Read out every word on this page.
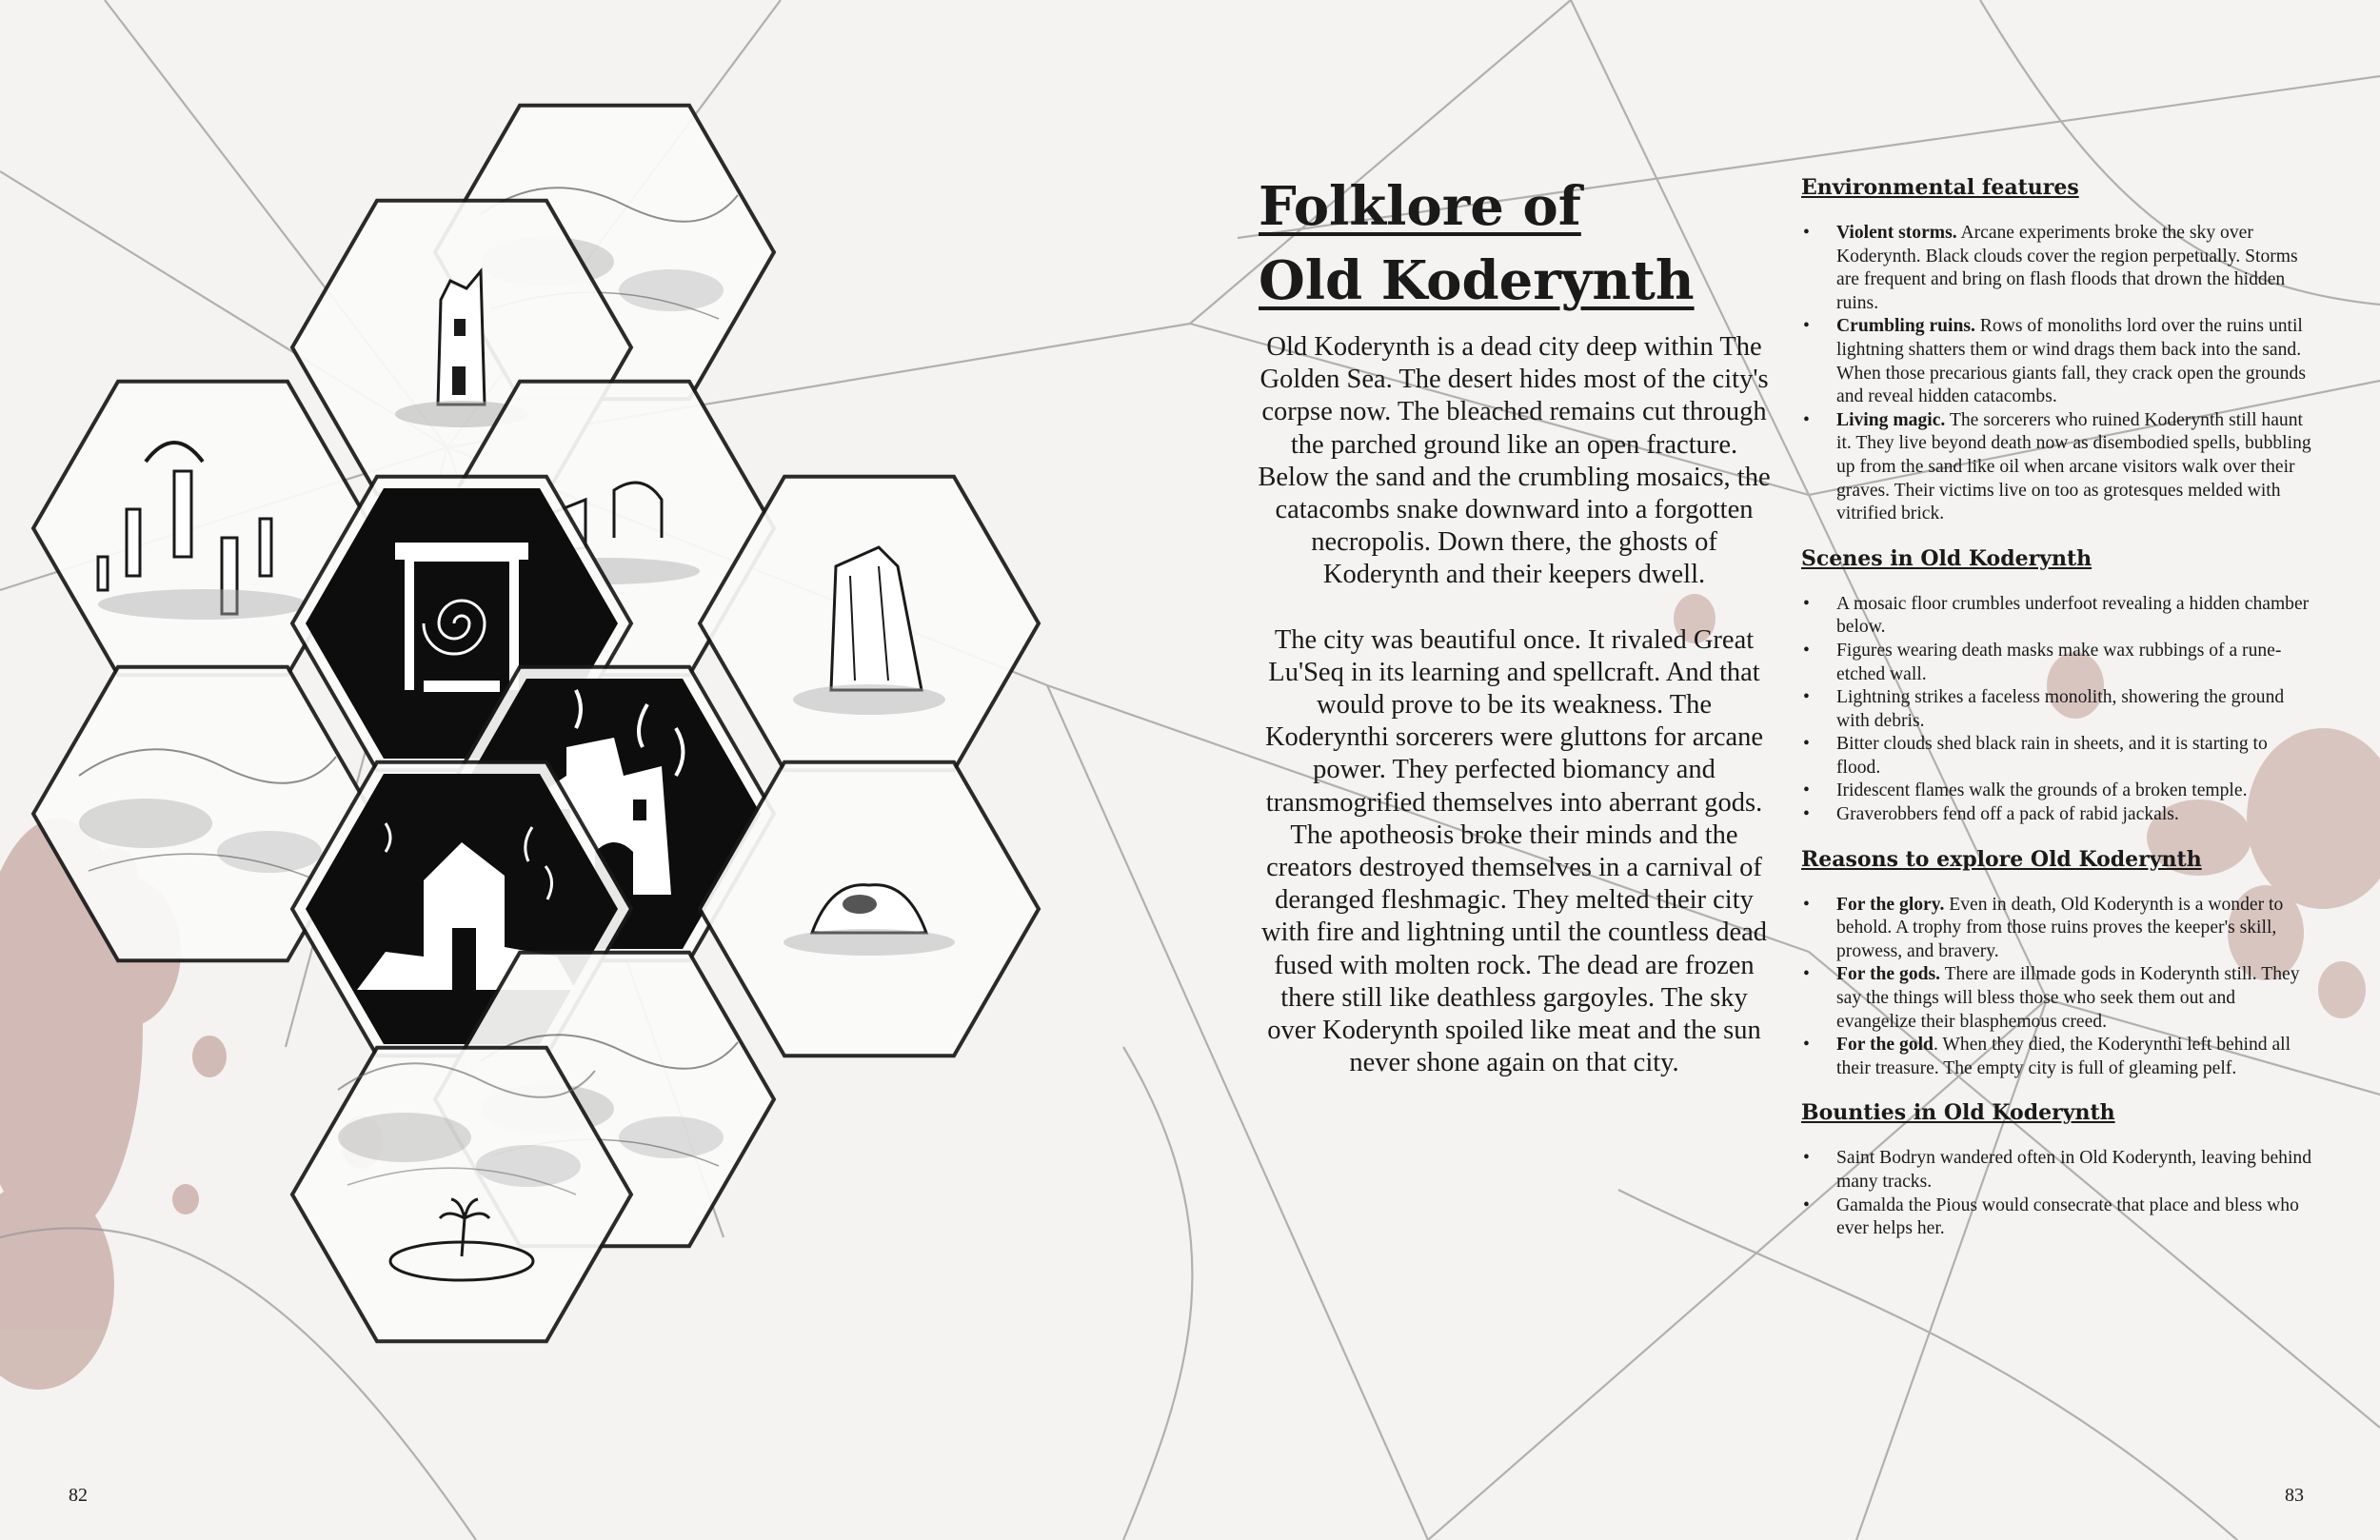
Folklore of
Old Koderynth

Old Koderynth is a dead city deep within The Golden Sea. The desert hides most of the city's corpse now. The bleached remains cut through the parched ground like an open fracture. Below the sand and the crumbling mosaics, the catacombs snake downward into a forgotten necropolis. Down there, the ghosts of Koderynth and their keepers dwell.

The city was beautiful once. It rivaled Great Lu'Seq in its learning and spellcraft. And that would prove to be its weakness. The Koderynthi sorcerers were gluttons for arcane power. They perfected biomancy and transmogrified themselves into aberrant gods.

The apotheosis broke their minds and the creators destroyed themselves in a carnival of deranged fleshmagic. They melted their city with fire and lightning until the countless dead fused with molten rock. The dead are frozen there still like deathless gargoyles. The sky over Koderynth spoiled like meat and the sun never shone again on that city.

Environmental features
• Violent storms. Arcane experiments broke the sky over Koderynth. Black clouds cover the region perpetually. Storms are frequent and bring on flash floods that drown the hidden ruins.
• Crumbling ruins. Rows of monoliths lord over the ruins until lightning shatters them or wind drags them back into the sand. When those precarious giants fall, they crack open the grounds and reveal hidden catacombs.
• Living magic. The sorcerers who ruined Koderynth still haunt it. They live beyond death now as disembodied spells, bubbling up from the sand like oil when arcane visitors walk over their graves. Their victims live on too as grotesques melded with vitrified brick.
Scenes in Old Koderynth
• A mosaic floor crumbles underfoot revealing a hidden chamber below.
• Figures wearing death masks make wax rubbings of a rune-etched wall.
• Lightning strikes a faceless monolith, showering the ground with debris.
• Bitter clouds shed black rain in sheets, and it is starting to flood.
• Iridescent flames walk the grounds of a broken temple.
• Graverobbers fend off a pack of rabid jackals.
Reasons to explore Old Koderynth
• For the glory. Even in death, Old Koderynth is a wonder to behold. A trophy from those ruins proves the keeper's skill, prowess, and bravery.
• For the gods. There are illmade gods in Koderynth still. They say the things will bless those who seek them out and evangelize their blasphemous creed.
• For the gold. When they died, the Koderynthi left behind all their treasure. The empty city is full of gleaming pelf.
Bounties in Old Koderynth
• Saint Bodryn wandered often in Old Koderynth, leaving behind many tracks.
• Gamalda the Pious would consecrate that place and bless who ever helps her.
82	83
